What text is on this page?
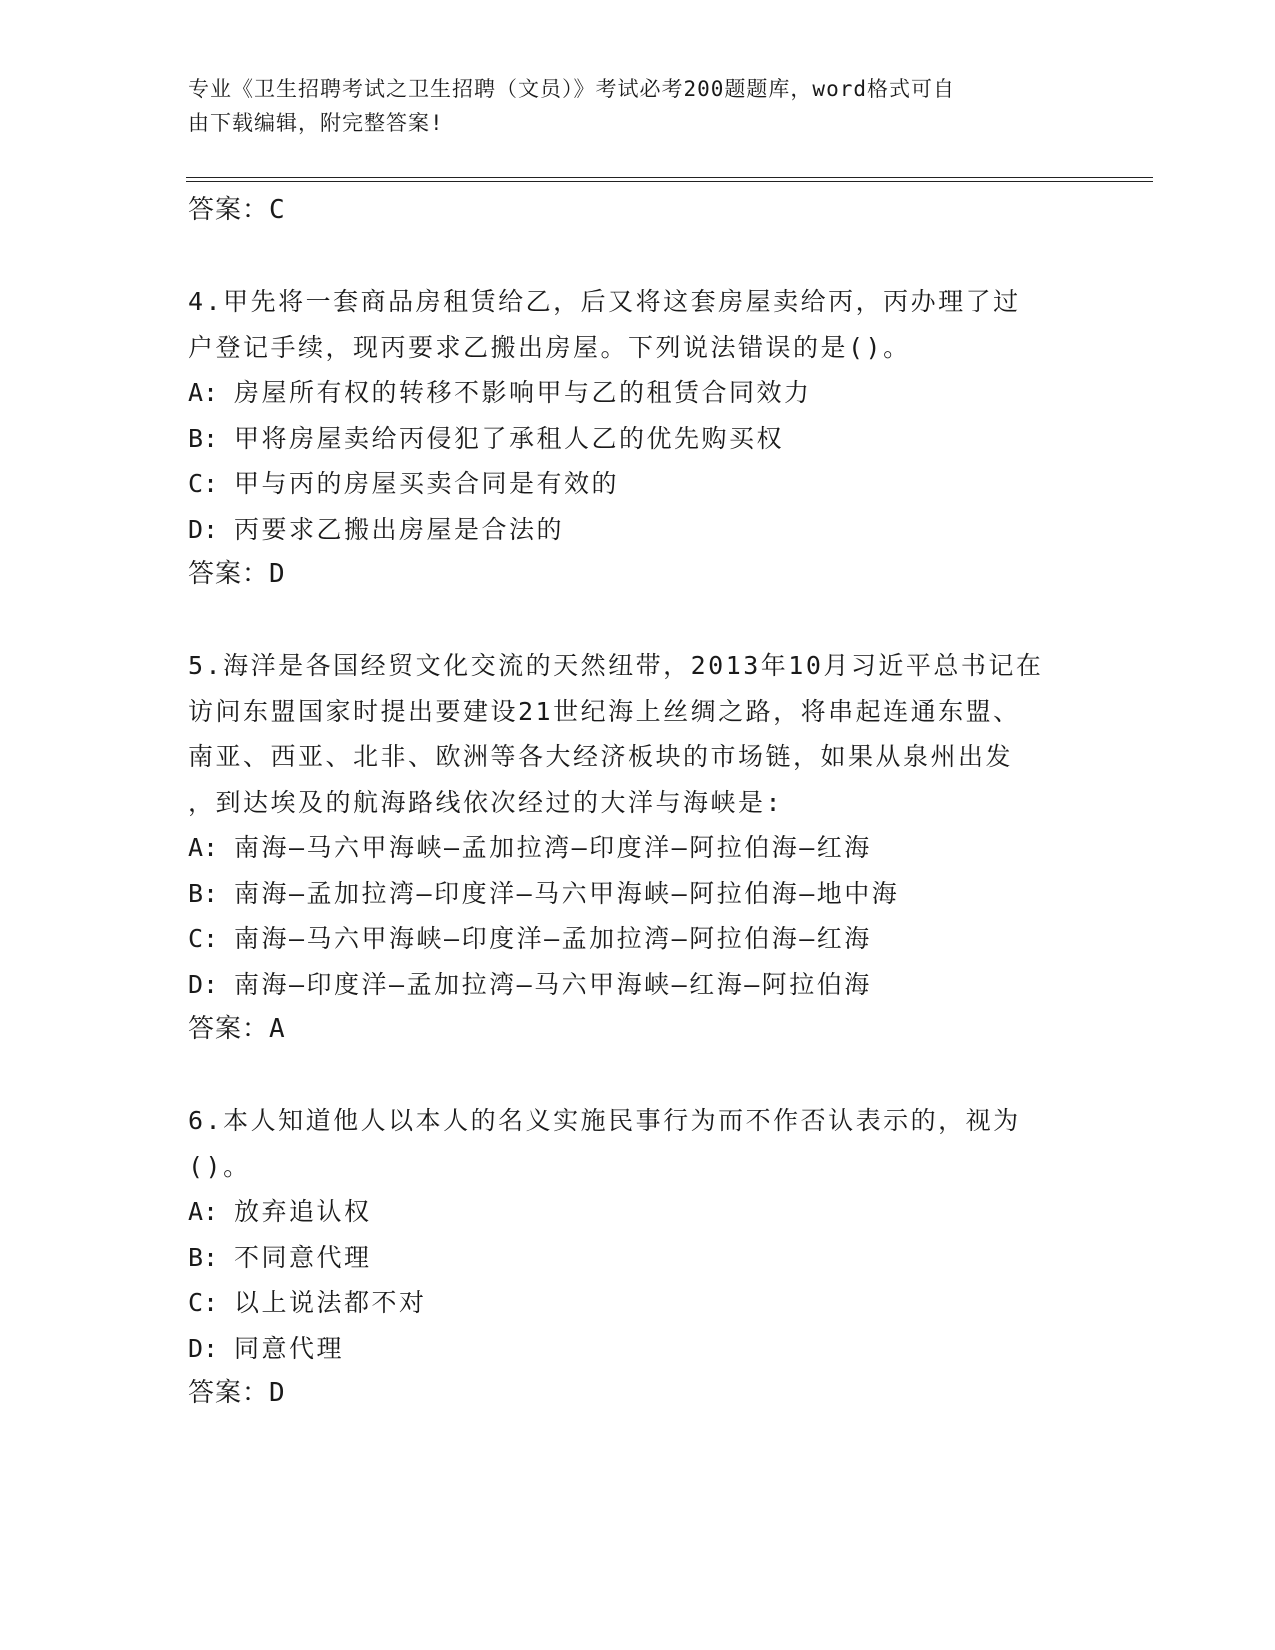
专业《卫生招聘考试之卫生招聘（文员）》考试必考200题题库，word格式可自
由下载编辑，附完整答案!
答案：C
4.甲先将一套商品房租赁给乙，后又将这套房屋卖给丙，丙办理了过
户登记手续，现丙要求乙搬出房屋。下列说法错误的是()。
A: 房屋所有权的转移不影响甲与乙的租赁合同效力
B: 甲将房屋卖给丙侵犯了承租人乙的优先购买权
C: 甲与丙的房屋买卖合同是有效的
D: 丙要求乙搬出房屋是合法的
答案：D
5.海洋是各国经贸文化交流的天然纽带，2013年10月习近平总书记在
访问东盟国家时提出要建设21世纪海上丝绸之路，将串起连通东盟、
南亚、西亚、北非、欧洲等各大经济板块的市场链，如果从泉州出发
，到达埃及的航海路线依次经过的大洋与海峡是:
A: 南海—马六甲海峡—孟加拉湾—印度洋—阿拉伯海—红海
B: 南海—孟加拉湾—印度洋—马六甲海峡—阿拉伯海—地中海
C: 南海—马六甲海峡—印度洋—孟加拉湾—阿拉伯海—红海
D: 南海—印度洋—孟加拉湾—马六甲海峡—红海—阿拉伯海
答案：A
6.本人知道他人以本人的名义实施民事行为而不作否认表示的，视为
()。
A: 放弃追认权
B: 不同意代理
C: 以上说法都不对
D: 同意代理
答案：D
